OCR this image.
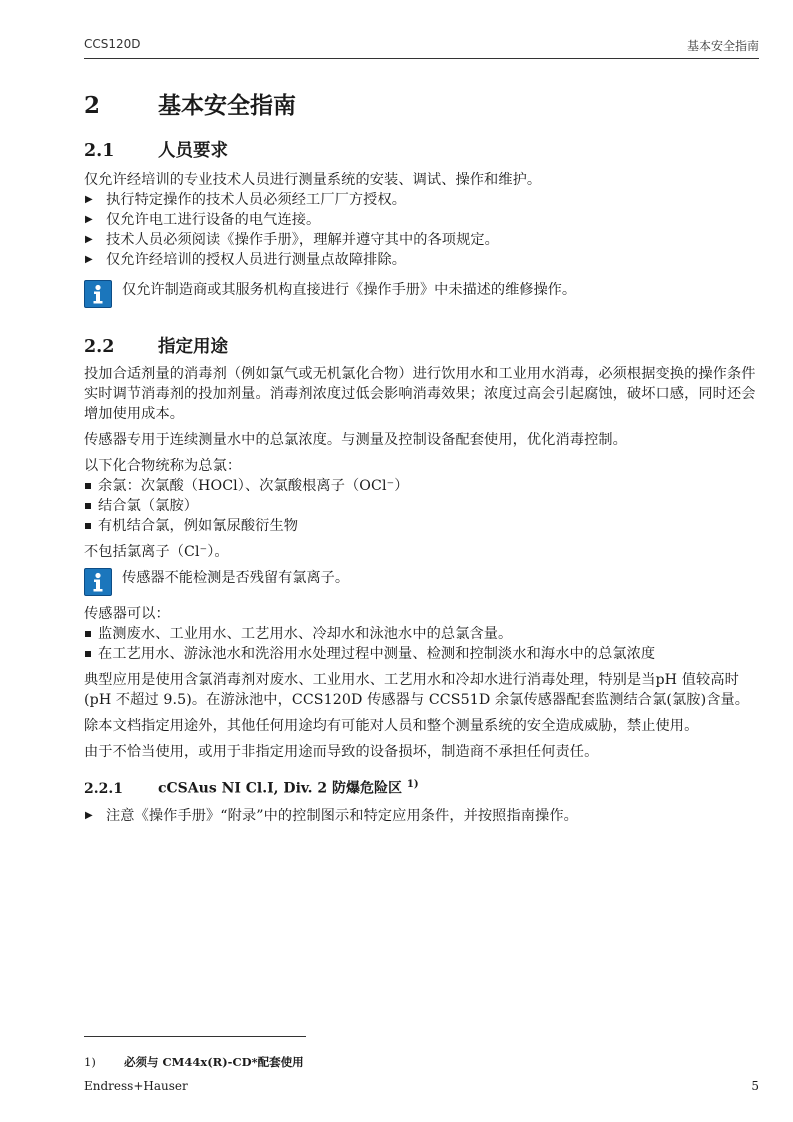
CCS120D	基本安全指南
2	基本安全指南
2.1 人员要求

仅允许经培训的专业技术人员进行测量系统的安装、调试、操作和维护。

▶ 执行特定操作的技术人员必须经工厂厂方授权。
▶ 仅允许电工进行设备的电气连接。
▶ 技术人员必须阅读《操作手册》，理解并遵守其中的各项规定。
▶ 仅允许经培训的授权人员进行测量点故障排除。
仅允许制造商或其服务机构直接进行《操作手册》中未描述的维修操作。
2.2 指定用途

投加合适剂量的消毒剂（例如氯气或无机氯化合物）进行饮用水和工业用水消毒，必须根据变换的操作条件实时调节消毒剂的投加剂量。消毒剂浓度过低会影响消毒效果；浓度过高会引起腐蚀，破坏口感，同时还会增加使用成本。

传感器专用于连续测量水中的总氯浓度。与测量及控制设备配套使用，优化消毒控制。

以下化合物统称为总氯：

余氯：次氯酸（HOCl）、次氯酸根离子（OCl⁻）
结合氯（氯胺）
有机结合氯，例如氰尿酸衍生物

不包括氯离子（Cl⁻）。

传感器不能检测是否残留有氯离子。

传感器可以：

监测废水、工业用水、工艺用水、冷却水和泳池水中的总氯含量。
在工艺用水、游泳池水和洗浴用水处理过程中测量、检测和控制淡水和海水中的总氯浓度

典型应用是使用含氯消毒剂对废水、工业用水、工艺用水和冷却水进行消毒处理，特别是当pH 值较高时(pH 不超过 9.5)。在游泳池中，CCS120D 传感器与 CCS51D 余氯传感器配套监测结合氯(氯胺)含量。

除本文档指定用途外，其他任何用途均有可能对人员和整个测量系统的安全造成威胁，禁止使用。

由于不恰当使用，或用于非指定用途而导致的设备损坏，制造商不承担任何责任。

2.2.1	cCSAus NI Cl.I, Div. 2 防爆危险区 $^{1)}$
▶ 注意《操作手册》“附录”中的控制图示和特定应用条件，并按照指南操作。
1) 必须与 CM44x(R)-CD*配套使用
Endress+Hauser	5
